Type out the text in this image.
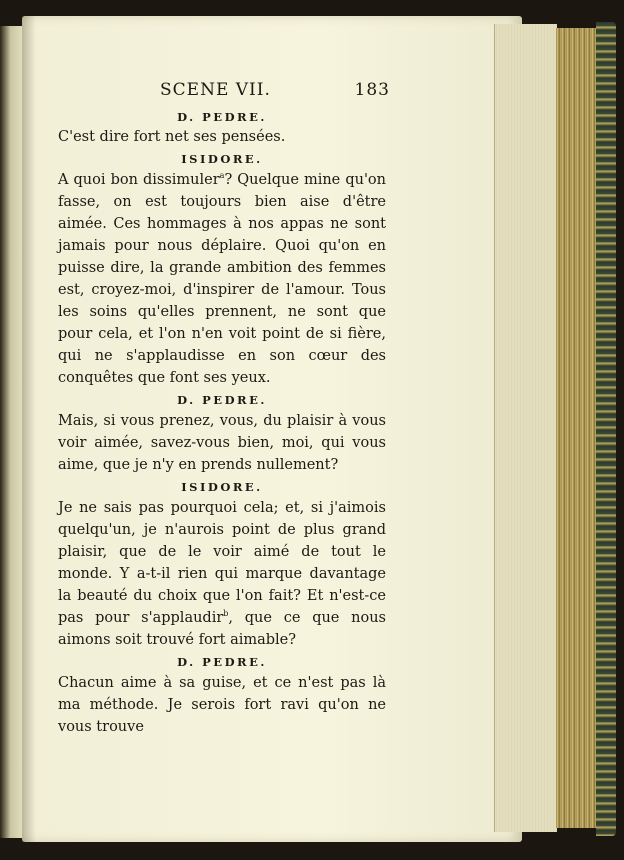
SCENE VII.	183

D. PEDRE.

C'est dire fort net ses pensées.

ISIDORE.

A quoi bon dissimuler$^a$? Quelque mine qu'on fasse, on est toujours bien aise d'être aimée. Ces hommages à nos appas ne sont jamais pour nous déplaire. Quoi qu'on en puisse dire, la grande ambition des femmes est, croyez-moi, d'inspirer de l'amour. Tous les soins qu'elles prennent, ne sont que pour cela, et l'on n'en voit point de si fière, qui ne s'applaudisse en son cœur des conquêtes que font ses yeux.

D. PEDRE.

Mais, si vous prenez, vous, du plaisir à vous voir aimée, savez-vous bien, moi, qui vous aime, que je n'y en prends nullement?

ISIDORE.

Je ne sais pas pourquoi cela; et, si j'aimois quelqu'un, je n'aurois point de plus grand plaisir, que de le voir aimé de tout le monde. Y a-t-il rien qui marque davantage la beauté du choix que l'on fait? Et n'est-ce pas pour s'applaudir$^b$, que ce que nous aimons soit trouvé fort aimable?

D. PEDRE.

Chacun aime à sa guise, et ce n'est pas là ma méthode. Je serois fort ravi qu'on ne vous trouve
